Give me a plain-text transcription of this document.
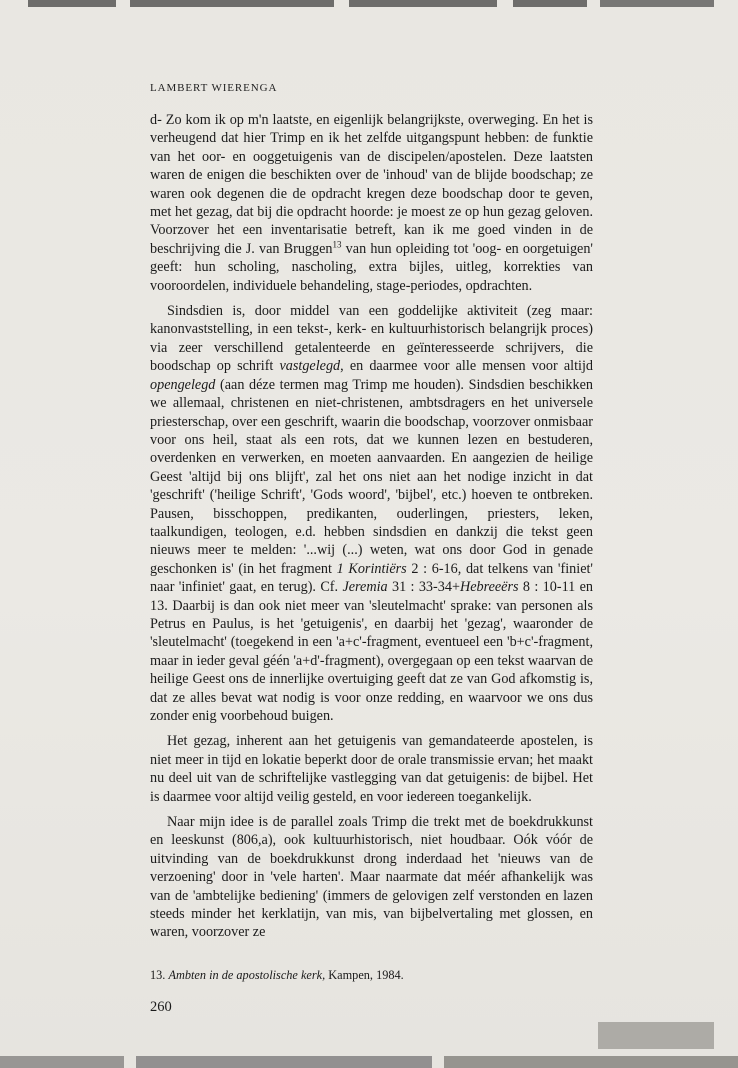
LAMBERT WIERENGA

d- Zo kom ik op m'n laatste, en eigenlijk belangrijkste, overweging. En het is verheugend dat hier Trimp en ik het zelfde uitgangspunt hebben: de funktie van het oor- en ooggetuigenis van de discipelen/apostelen. Deze laatsten waren de enigen die beschikten over de 'inhoud' van de blijde boodschap; ze waren ook degenen die de opdracht kregen deze boodschap door te geven, met het gezag, dat bij die opdracht hoorde: je moest ze op hun gezag geloven. Voorzover het een inventarisatie betreft, kan ik me goed vinden in de beschrijving die J. van Bruggen$^{13}$ van hun opleiding tot 'oog- en oorgetuigen' geeft: hun scholing, nascholing, extra bijles, uitleg, korrekties van vooroordelen, individuele behandeling, stage-periodes, opdrachten.

Sindsdien is, door middel van een goddelijke aktiviteit (zeg maar: kanonvaststelling, in een tekst-, kerk- en kultuurhistorisch belangrijk proces) via zeer verschillend getalenteerde en geïnteresseerde schrijvers, die boodschap op schrift vastgelegd, en daarmee voor alle mensen voor altijd opengelegd (aan déze termen mag Trimp me houden). Sindsdien beschikken we allemaal, christenen en niet-christenen, ambtsdragers en het universele priesterschap, over een geschrift, waarin die boodschap, voorzover onmisbaar voor ons heil, staat als een rots, dat we kunnen lezen en bestuderen, overdenken en verwerken, en moeten aanvaarden. En aangezien de heilige Geest 'altijd bij ons blijft', zal het ons niet aan het nodige inzicht in dat 'geschrift' ('heilige Schrift', 'Gods woord', 'bijbel', etc.) hoeven te ontbreken. Pausen, bisschoppen, predikanten, ouderlingen, priesters, leken, taalkundigen, teologen, e.d. hebben sindsdien en dankzij die tekst geen nieuws meer te melden: '...wij (...) weten, wat ons door God in genade geschonken is' (in het fragment 1 Korintiërs 2 : 6-16, dat telkens van 'finiet' naar 'infiniet' gaat, en terug). Cf. Jeremia 31 : 33-34+Hebreeërs 8 : 10-11 en 13. Daarbij is dan ook niet meer van 'sleutelmacht' sprake: van personen als Petrus en Paulus, is het 'getuigenis', en daarbij het 'gezag', waaronder de 'sleutelmacht' (toegekend in een 'a+c'-fragment, eventueel een 'b+c'-fragment, maar in ieder geval géén 'a+d'-fragment), overgegaan op een tekst waarvan de heilige Geest ons de innerlijke overtuiging geeft dat ze van God afkomstig is, dat ze alles bevat wat nodig is voor onze redding, en waarvoor we ons dus zonder enig voorbehoud buigen.

Het gezag, inherent aan het getuigenis van gemandateerde apostelen, is niet meer in tijd en lokatie beperkt door de orale transmissie ervan; het maakt nu deel uit van de schriftelijke vastlegging van dat getuigenis: de bijbel. Het is daarmee voor altijd veilig gesteld, en voor iedereen toegankelijk.

Naar mijn idee is de parallel zoals Trimp die trekt met de boekdrukkunst en leeskunst (806,a), ook kultuurhistorisch, niet houdbaar. Oók vóór de uitvinding van de boekdrukkunst drong inderdaad het 'nieuws van de verzoening' door in 'vele harten'. Maar naarmate dat méér afhankelijk was van de 'ambtelijke bediening' (immers de gelovigen zelf verstonden en lazen steeds minder het kerklatijn, van mis, van bijbelvertaling met glossen, en waren, voorzover ze

13. Ambten in de apostolische kerk, Kampen, 1984.
260
